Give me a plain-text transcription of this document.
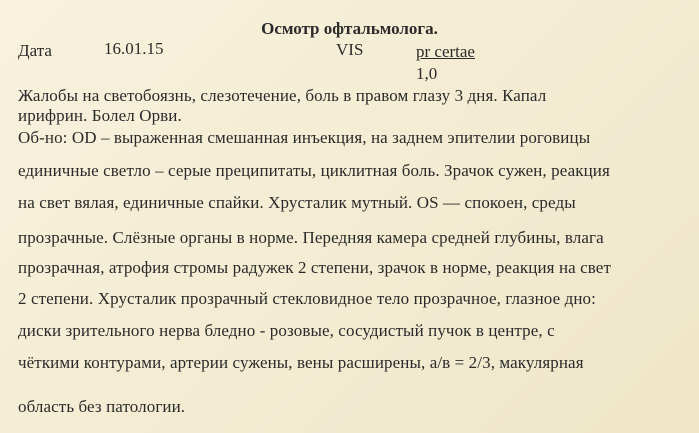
Осмотр офтальмолога.
Дата	16.01.15	VIS	pr certae
1,0
Жалобы на светобоязнь, слезотечение, боль в правом глазу 3 дня. Капал
ирифрин. Болел Орви.
Об-но: OD – выраженная смешанная инъекция, на заднем эпителии роговицы
единичные светло – серые преципитаты, циклитная боль. Зрачок сужен, реакция
на свет вялая, единичные спайки. Хрусталик мутный. OS — спокоен, среды
прозрачные. Слёзные органы в норме. Передняя камера средней глубины, влага
прозрачная, атрофия стромы радужек 2 степени, зрачок в норме, реакция на свет
2 степени. Хрусталик прозрачный стекловидное тело прозрачное, глазное дно:
диски зрительного нерва бледно - розовые, сосудистый пучок в центре, с
чёткими контурами, артерии сужены, вены расширены, а/в = 2/3, макулярная
область без патологии.
